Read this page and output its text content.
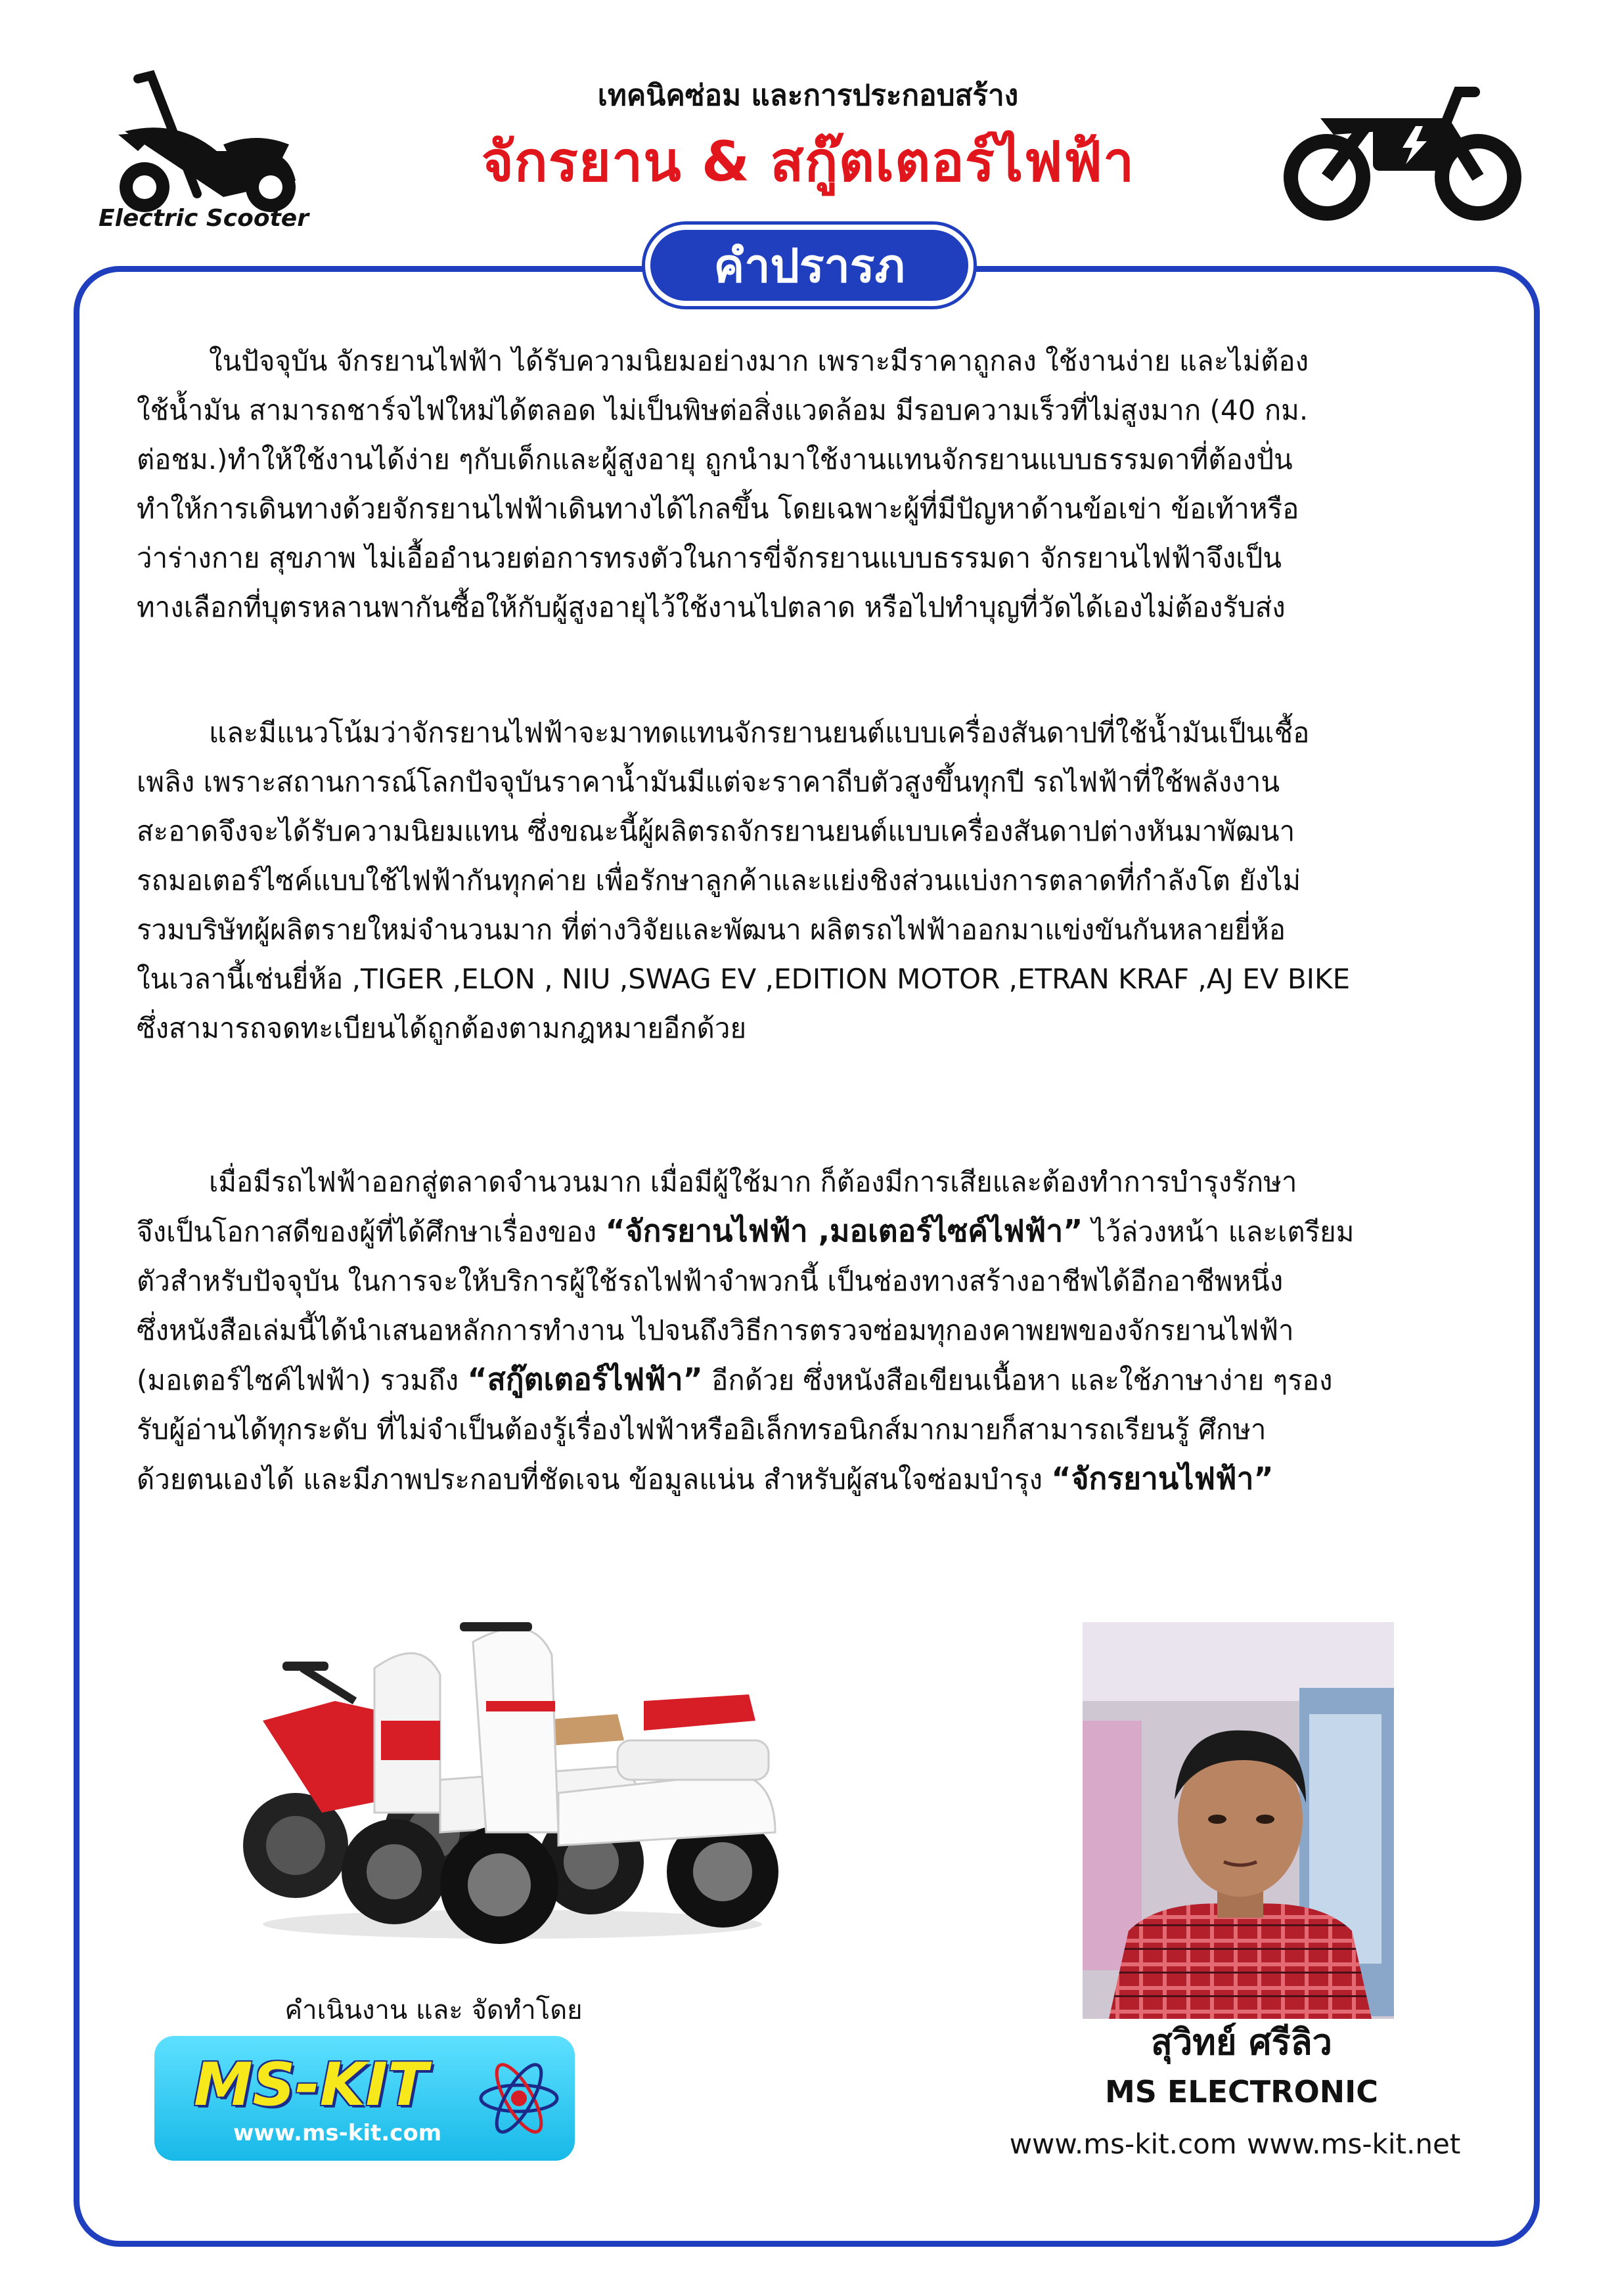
Electric Scooter
เทคนิคซ่อม และการประกอบสร้าง
จักรยาน & สกู๊ตเตอร์ไฟฟ้า
คำปรารภ
ในปัจจุบัน จักรยานไฟฟ้า ได้รับความนิยมอย่างมาก เพราะมีราคาถูกลง ใช้งานง่าย และไม่ต้อง
ใช้น้ำมัน สามารถชาร์จไฟใหม่ได้ตลอด ไม่เป็นพิษต่อสิ่งแวดล้อม มีรอบความเร็วที่ไม่สูงมาก (40 กม.
ต่อชม.)ทำให้ใช้งานได้ง่าย ๆกับเด็กและผู้สูงอายุ ถูกนำมาใช้งานแทนจักรยานแบบธรรมดาที่ต้องปั่น
ทำให้การเดินทางด้วยจักรยานไฟฟ้าเดินทางได้ไกลขึ้น โดยเฉพาะผู้ที่มีปัญหาด้านข้อเข่า ข้อเท้าหรือ
ว่าร่างกาย สุขภาพ ไม่เอื้ออำนวยต่อการทรงตัวในการขี่จักรยานแบบธรรมดา จักรยานไฟฟ้าจึงเป็น
ทางเลือกที่บุตรหลานพากันซื้อให้กับผู้สูงอายุไว้ใช้งานไปตลาด หรือไปทำบุญที่วัดได้เองไม่ต้องรับส่ง
และมีแนวโน้มว่าจักรยานไฟฟ้าจะมาทดแทนจักรยานยนต์แบบเครื่องสันดาปที่ใช้น้ำมันเป็นเชื้อ
เพลิง เพราะสถานการณ์โลกปัจจุบันราคาน้ำมันมีแต่จะราคาถีบตัวสูงขึ้นทุกปี รถไฟฟ้าที่ใช้พลังงาน
สะอาดจึงจะได้รับความนิยมแทน ซึ่งขณะนี้ผู้ผลิตรถจักรยานยนต์แบบเครื่องสันดาปต่างหันมาพัฒนา
รถมอเตอร์ไซค์แบบใช้ไฟฟ้ากันทุกค่าย เพื่อรักษาลูกค้าและแย่งชิงส่วนแบ่งการตลาดที่กำลังโต ยังไม่
รวมบริษัทผู้ผลิตรายใหม่จำนวนมาก ที่ต่างวิจัยและพัฒนา ผลิตรถไฟฟ้าออกมาแข่งขันกันหลายยี่ห้อ
ในเวลานี้เช่นยี่ห้อ ,TIGER ,ELON , NIU ,SWAG EV ,EDITION MOTOR ,ETRAN KRAF ,AJ EV BIKE
ซึ่งสามารถจดทะเบียนได้ถูกต้องตามกฎหมายอีกด้วย
เมื่อมีรถไฟฟ้าออกสู่ตลาดจำนวนมาก เมื่อมีผู้ใช้มาก ก็ต้องมีการเสียและต้องทำการบำรุงรักษา
จึงเป็นโอกาสดีของผู้ที่ได้ศึกษาเรื่องของ “จักรยานไฟฟ้า ,มอเตอร์ไซค์ไฟฟ้า” ไว้ล่วงหน้า และเตรียม
ตัวสำหรับปัจจุบัน ในการจะให้บริการผู้ใช้รถไฟฟ้าจำพวกนี้ เป็นช่องทางสร้างอาชีพได้อีกอาชีพหนึ่ง
ซึ่งหนังสือเล่มนี้ได้นำเสนอหลักการทำงาน ไปจนถึงวิธีการตรวจซ่อมทุกองคาพยพของจักรยานไฟฟ้า
(มอเตอร์ไซค์ไฟฟ้า) รวมถึง “สกู๊ตเตอร์ไฟฟ้า” อีกด้วย ซึ่งหนังสือเขียนเนื้อหา และใช้ภาษาง่าย ๆรอง
รับผู้อ่านได้ทุกระดับ ที่ไม่จำเป็นต้องรู้เรื่องไฟฟ้าหรืออิเล็กทรอนิกส์มากมายก็สามารถเรียนรู้ ศึกษา
ด้วยตนเองได้ และมีภาพประกอบที่ชัดเจน ข้อมูลแน่น สำหรับผู้สนใจซ่อมบำรุง “จักรยานไฟฟ้า”
คำเนินงาน และ จัดทำโดย
MS-KIT
www.ms-kit.com
สุวิทย์ ศรีลิว
MS ELECTRONIC
www.ms-kit.com www.ms-kit.net
